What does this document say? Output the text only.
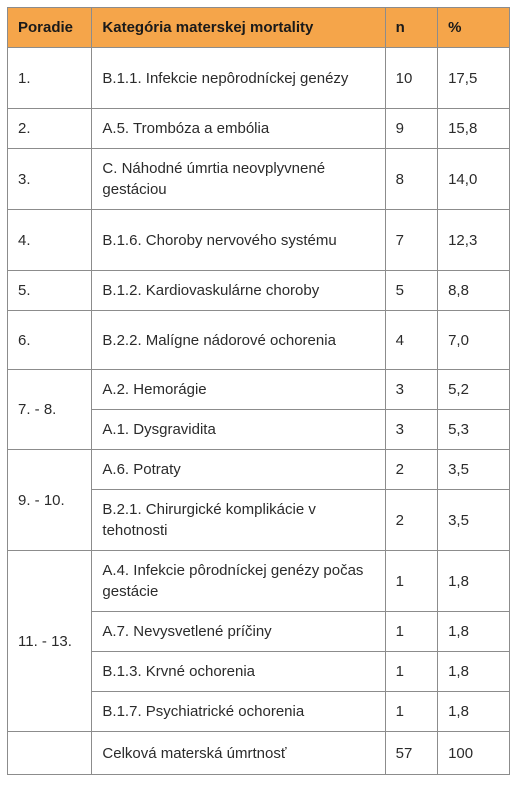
Poradie	Kategória materskej mortality	n	%
1.	B.1.1. Infekcie nepôrodníckej genézy	10	17,5
2.	A.5. Trombóza a embólia	9	15,8
3.	C. Náhodné úmrtia neovplyvnené gestáciou	8	14,0
4.	B.1.6. Choroby nervového systému	7	12,3
5.	B.1.2. Kardiovaskulárne choroby	5	8,8
6.	B.2.2. Malígne nádorové ochorenia	4	7,0
7. - 8.	A.2. Hemorágie	3	5,2
	A.1. Dysgravidita	3	5,3
9. - 10.	A.6. Potraty	2	3,5
	B.2.1. Chirurgické komplikácie v tehotnosti	2	3,5
11. - 13.	A.4. Infekcie pôrodníckej genézy počas gestácie	1	1,8
	A.7. Nevysvetlené príčiny	1	1,8
	B.1.3. Krvné ochorenia	1	1,8
	B.1.7. Psychiatrické ochorenia	1	1,8
	Celková materská úmrtnosť	57	100
